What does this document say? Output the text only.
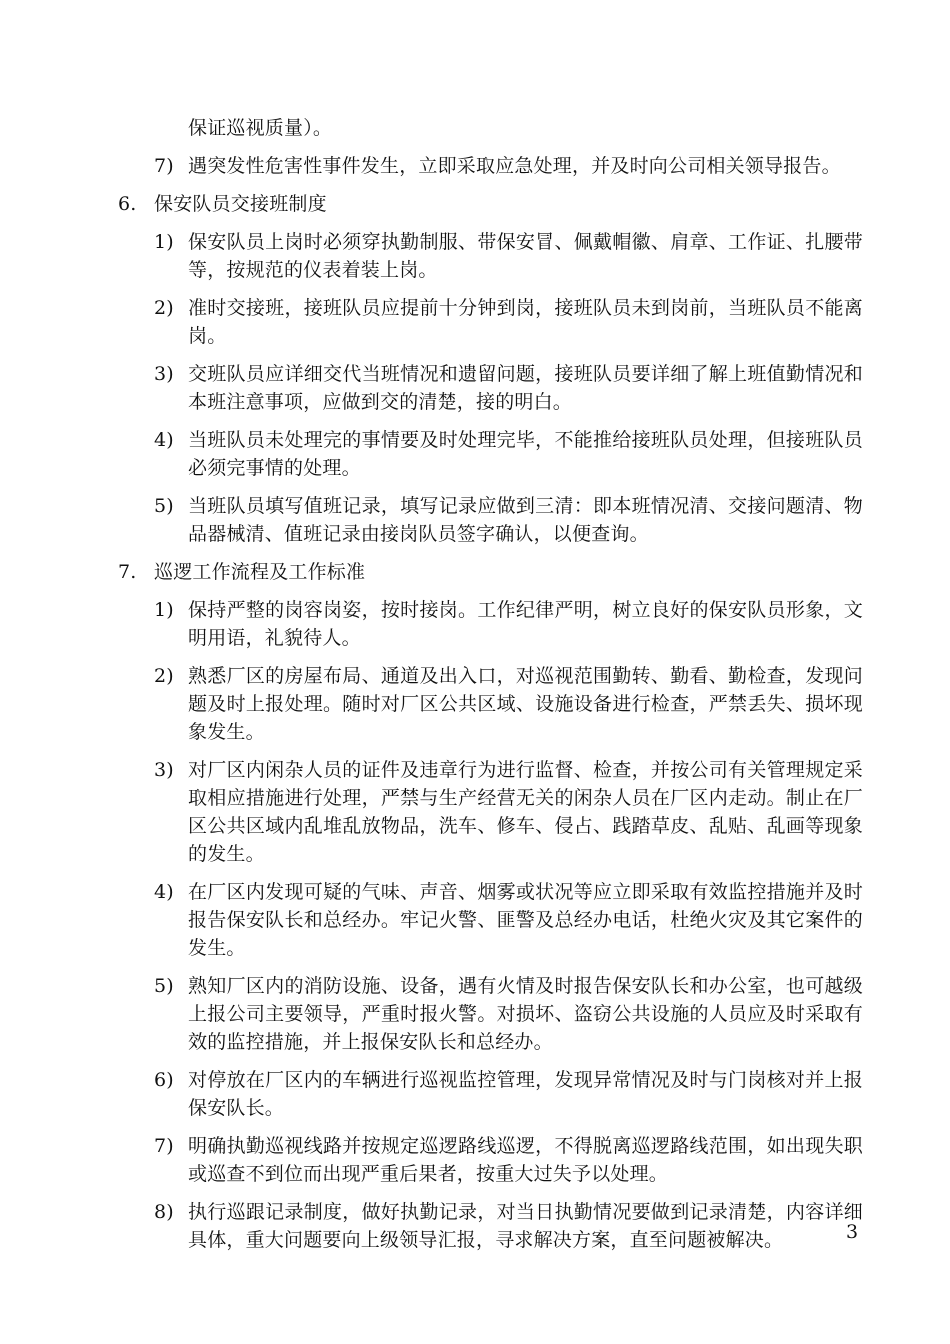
保证巡视质量）。
7) 遇突发性危害性事件发生，立即采取应急处理，并及时向公司相关领导报告。
6. 保安队员交接班制度
1) 保安队员上岗时必须穿执勤制服、带保安冒、佩戴帽徽、肩章、工作证、扎腰带等，按规范的仪表着装上岗。
2) 准时交接班，接班队员应提前十分钟到岗，接班队员未到岗前，当班队员不能离岗。
3) 交班队员应详细交代当班情况和遗留问题，接班队员要详细了解上班值勤情况和本班注意事项，应做到交的清楚，接的明白。
4) 当班队员未处理完的事情要及时处理完毕，不能推给接班队员处理，但接班队员必须完事情的处理。
5) 当班队员填写值班记录，填写记录应做到三清：即本班情况清、交接问题清、物品器械清、值班记录由接岗队员签字确认，以便查询。
7. 巡逻工作流程及工作标准
1) 保持严整的岗容岗姿，按时接岗。工作纪律严明，树立良好的保安队员形象，文明用语，礼貌待人。
2) 熟悉厂区的房屋布局、通道及出入口，对巡视范围勤转、勤看、勤检查，发现问题及时上报处理。随时对厂区公共区域、设施设备进行检查，严禁丢失、损坏现象发生。
3) 对厂区内闲杂人员的证件及违章行为进行监督、检查，并按公司有关管理规定采取相应措施进行处理，严禁与生产经营无关的闲杂人员在厂区内走动。制止在厂区公共区域内乱堆乱放物品，洗车、修车、侵占、践踏草皮、乱贴、乱画等现象的发生。
4) 在厂区内发现可疑的气味、声音、烟雾或状况等应立即采取有效监控措施并及时报告保安队长和总经办。牢记火警、匪警及总经办电话，杜绝火灾及其它案件的发生。
5) 熟知厂区内的消防设施、设备，遇有火情及时报告保安队长和办公室，也可越级上报公司主要领导，严重时报火警。对损坏、盗窃公共设施的人员应及时采取有效的监控措施，并上报保安队长和总经办。
6) 对停放在厂区内的车辆进行巡视监控管理，发现异常情况及时与门岗核对并上报保安队长。
7) 明确执勤巡视线路并按规定巡逻路线巡逻，不得脱离巡逻路线范围，如出现失职或巡查不到位而出现严重后果者，按重大过失予以处理。
8) 执行巡跟记录制度，做好执勤记录，对当日执勤情况要做到记录清楚，内容详细具体，重大问题要向上级领导汇报，寻求解决方案，直至问题被解决。	3
